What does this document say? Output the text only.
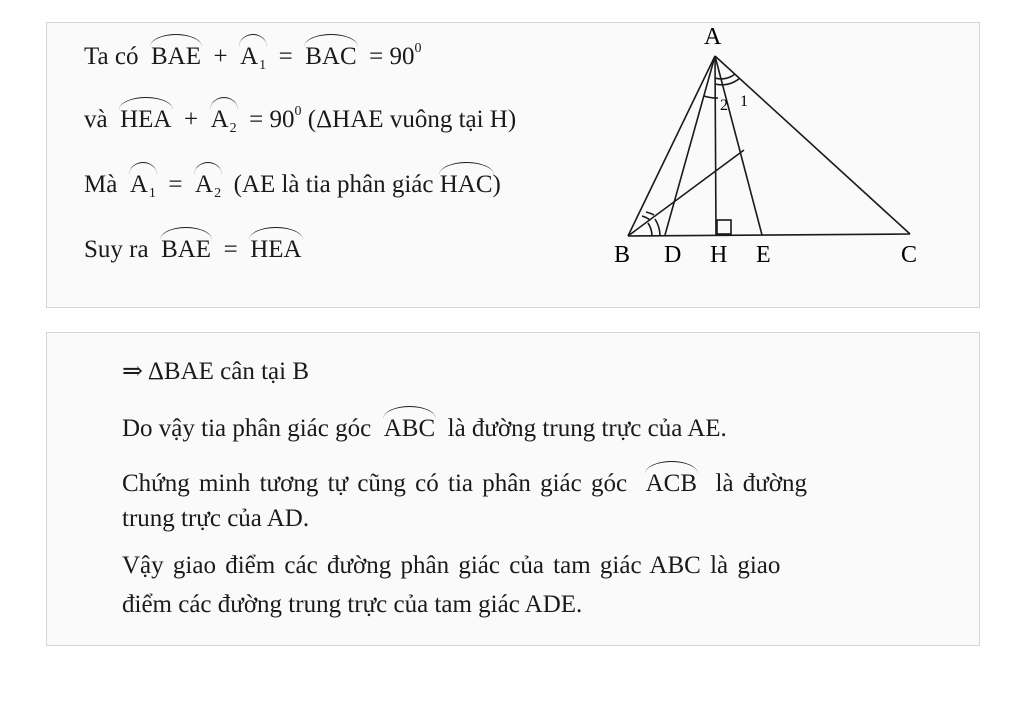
Ta có BAE + $A_1$ = BAC = $90^0$
và HEA + $A_2 = 90^0$ (ΔHAE vuông tại H)
Mà $A_1 = A_2$ (AE là tia phân giác HAC)
Suy ra BAE = HEA
A
B D H E	C
1
2
⇒ ΔBAE cân tại B
Do vậy tia phân giác góc ABC là đường trung trực của AE.
Chứng minh tương tự cũng có tia phân giác góc ACB là đường
trung trực của AD.
Vậy giao điểm các đường phân giác của tam giác ABC là giao
điểm các đường trung trực của tam giác ADE.
